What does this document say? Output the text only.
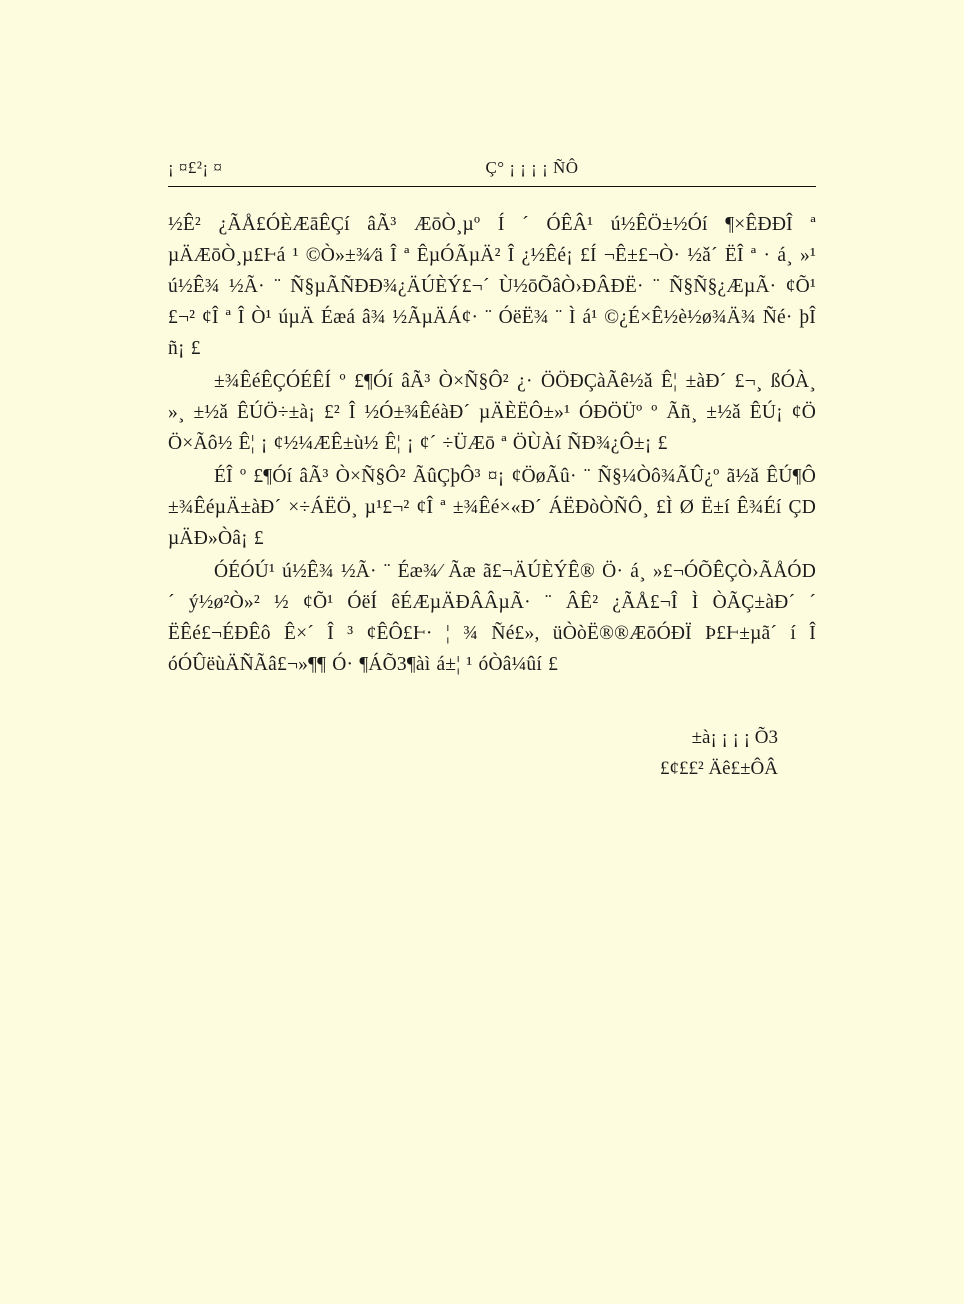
¡ ¤£²¡ ¤	Ç° ¡ ¡ ¡ ¡ ÑÔ

½Ê² ¿ÃÅ£ÓÈÆāÊÇí âÃ³ ÆōÒ¸µº Í ´ ÓÊÂ¹ ú½ÊÖ±½Óí ¶×ÊÐÐÎ ª µÄÆōÒ¸µ£Ⱶá ¹ ©Ò»±¾⁄ä Î ª ÊµÓÃµÄ² Î ¿½Êé¡ £Í ¬Ê±£¬Ò· ½ǎ´ ËÎ ª · á¸ »¹ ú½Ê¾ ½Ã· ¨ Ñ§µÃÑÐÐ¾¿ÄÚÈÝ£¬´ Ù½ōÕâÒ›ÐÂÐË· ¨ Ñ§Ñ§¿ÆµÃ· ¢Õ¹ £¬² ¢Î ª Î Ò¹ úµÄ Éæá â¾ ½ÃµÄÁ¢· ¨ ÓëË¾ ¨ Ì á¹ ©¿É×Ê½è½ø¾Ä¾ Ñé· þÎ ñ¡ £

±¾ÊéÊÇÓÉÊÍ º £¶Óí âÃ³ Ò×Ñ§Ô² ¿· ÖÖÐÇàÃê½ǎ Ê¦ ±àÐ´ £¬¸ ßÓÀ¸ »¸ ±½ǎ ÊÚÖ÷±à¡ £² Î ½Ó±¾ÊéàÐ´ µÄÈËÔ±»¹ ÓÐÖÜº º Ãñ¸ ±½ǎ ÊÚ¡ ¢Ö Ö×Ãô½ Ê¦ ¡ ¢½¼ÆÊ±ù½ Ê¦ ¡ ¢´ ÷ÜÆō ª ÖÙÀí ÑÐ¾¿Ô±¡ £

ÉÎ º £¶Óí âÃ³ Ò×Ñ§Ô² ÃûÇþÔ³ ¤¡ ¢ÖøÃû· ¨ Ñ§¼Òô¾ÃÛ¿º ã½ǎ ÊÚ¶Ô ±¾ÊéµÄ±àÐ´ ×÷ÁËÖ¸ µ¹£¬² ¢Î ª ±¾Êé×«Ð´ ÁËÐòÒÑÔ¸ £Ì Ø Ë±í Ê¾Éí ÇD µÄÐ»Òâ¡ £

ÓÉÓÚ¹ ú½Ê¾ ½Ã· ¨ Éæ¾⁄ Ãæ ã£¬ÄÚÈÝÊ® Ö· á¸ »£¬ÓÕÊÇÒ›ÃÅÓD ´ ý½ø²Ò»² ½ ¢Õ¹ ÓëÍ êÉÆµÄÐÂÂµÃ· ¨ ÂÊ² ¿ÃÅ£¬Î Ì ÒÃÇ±àÐ´ ´ ËÊé£¬ÉÐÊô Ê×´ Î ³ ¢ÊÔ£Ⱶ· ¦ ¾ Ñé£», üÒòË®®ÆōÓÐÏ Þ£Ⱶ±µã´ í Î óÓÛëùÄÑÃâ£¬»¶¶ Ó· ¶ÁÕ3¶àì á±¦ ¹ óÒâ¼ûí £

±à¡ ¡ ¡ ¡ Õ3
£¢££² Äê£±ÔÂ
